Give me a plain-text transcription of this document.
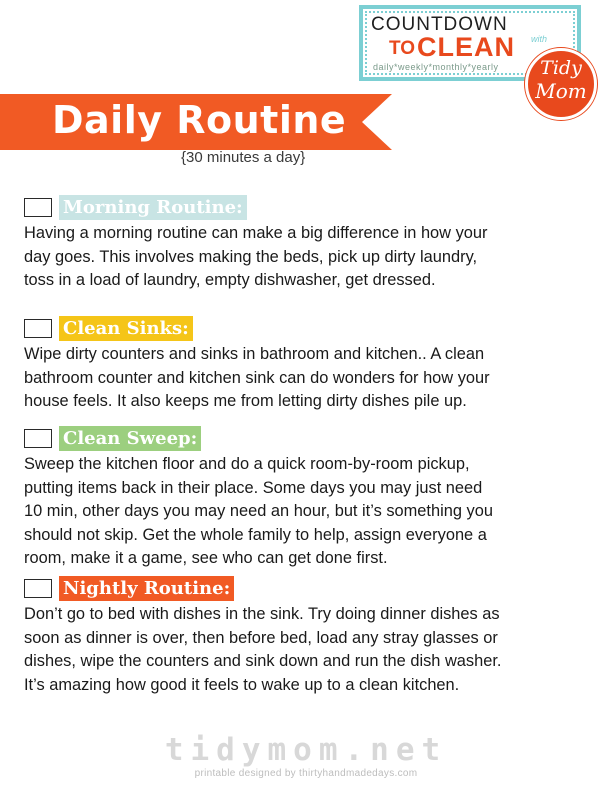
COUNTDOWN
TO CLEAN with
daily*weekly*monthly*yearly	Tidy
Mom
Daily Routine
{30 minutes a day}
Morning Routine:
Having a morning routine can make a big difference in how your
day goes. This involves making the beds, pick up dirty laundry,
toss in a load of laundry, empty dishwasher, get dressed.
Clean Sinks:
Wipe dirty counters and sinks in bathroom and kitchen.. A clean
bathroom counter and kitchen sink can do wonders for how your
house feels. It also keeps me from letting dirty dishes pile up.
Clean Sweep:
Sweep the kitchen floor and do a quick room-by-room pickup,
putting items back in their place. Some days you may just need
10 min, other days you may need an hour, but it’s something you
should not skip. Get the whole family to help, assign everyone a
room, make it a game, see who can get done first.
Nightly Routine:
Don’t go to bed with dishes in the sink. Try doing dinner dishes as
soon as dinner is over, then before bed, load any stray glasses or
dishes, wipe the counters and sink down and run the dish washer.
It’s amazing how good it feels to wake up to a clean kitchen.
tidymom.net
printable designed by thirtyhandmadedays.com
